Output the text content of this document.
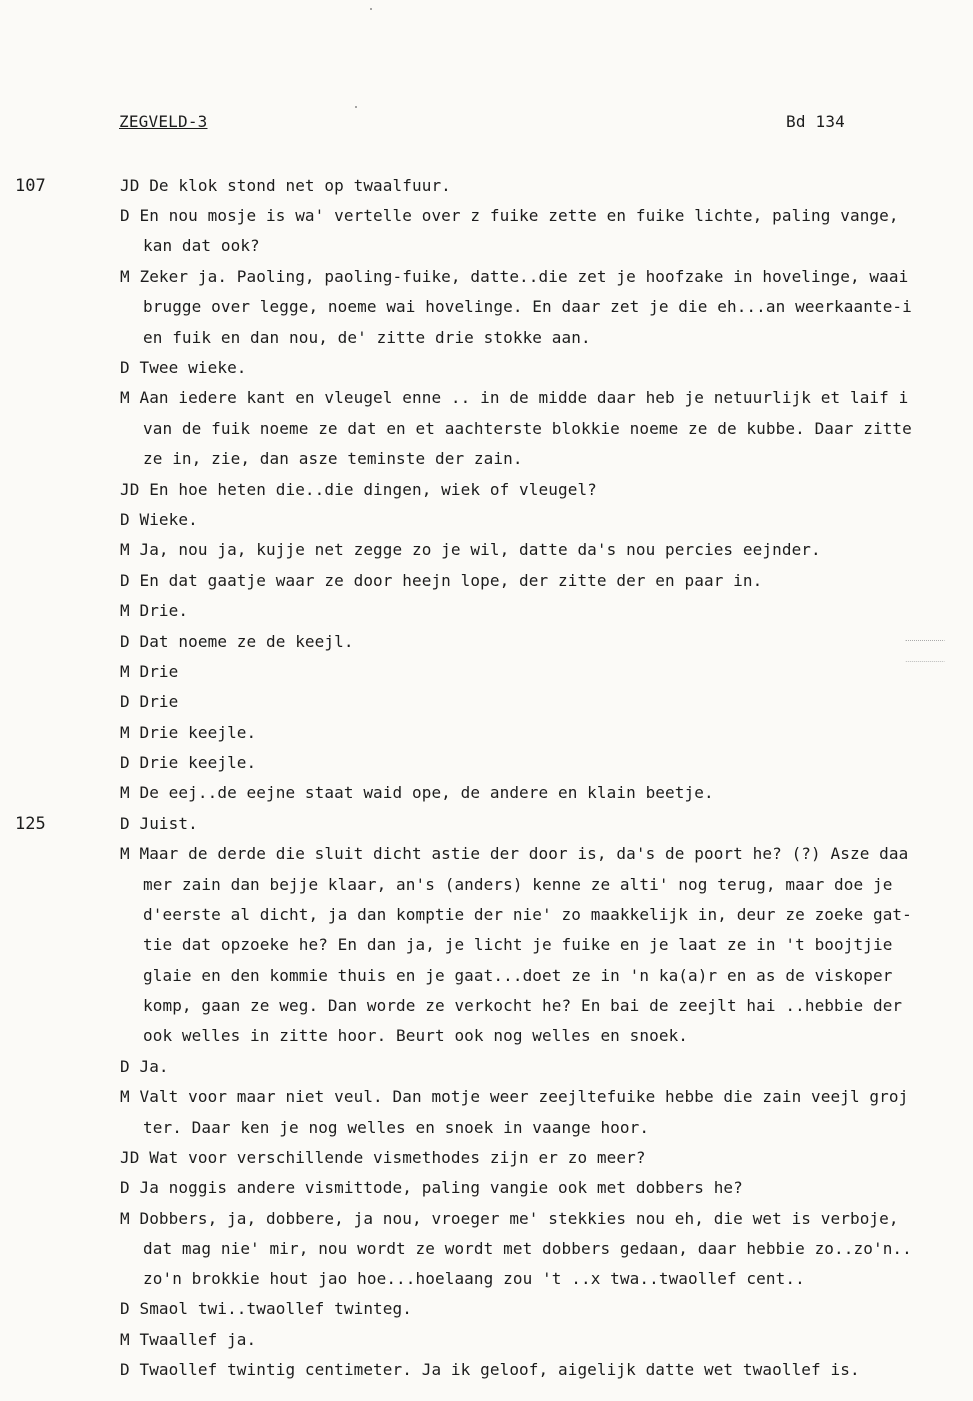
ZEGVELD-3	Bd 134
107
125
JD De klok stond net op twaalfuur.
D En nou mosje is wa' vertelle over z fuike zette en fuike lichte, paling vange,
kan dat ook?
M Zeker ja. Paoling, paoling-fuike, datte..die zet je hoofzake in hovelinge, waai
brugge over legge, noeme wai hovelinge. En daar zet je die eh...an weerkaante-i
en fuik en dan nou, de' zitte drie stokke aan.
D Twee wieke.
M Aan iedere kant en vleugel enne .. in de midde daar heb je netuurlijk et laif i
van de fuik noeme ze dat en et aachterste blokkie noeme ze de kubbe. Daar zitte
ze in, zie, dan asze teminste der zain.
JD En hoe heten die..die dingen, wiek of vleugel?
D Wieke.
M Ja, nou ja, kujje net zegge zo je wil, datte da's nou percies eejnder.
D En dat gaatje waar ze door heejn lope, der zitte der en paar in.
M Drie.
D Dat noeme ze de keejl.
M Drie
D Drie
M Drie keejle.
D Drie keejle.
M De eej..de eejne staat waid ope, de andere en klain beetje.
D Juist.
M Maar de derde die sluit dicht astie der door is, da's de poort he? (?) Asze daa
mer zain dan bejje klaar, an's (anders) kenne ze alti' nog terug, maar doe je
d'eerste al dicht, ja dan komptie der nie' zo maakkelijk in, deur ze zoeke gat-
tie dat opzoeke he? En dan ja, je licht je fuike en je laat ze in 't boojtjie
glaie en den kommie thuis en je gaat...doet ze in 'n ka(a)r en as de viskoper
komp, gaan ze weg. Dan worde ze verkocht he? En bai de zeejlt hai ..hebbie der
ook welles in zitte hoor. Beurt ook nog welles en snoek.
D Ja.
M Valt voor maar niet veul. Dan motje weer zeejltefuike hebbe die zain veejl groj
ter. Daar ken je nog welles en snoek in vaange hoor.
JD Wat voor verschillende vismethodes zijn er zo meer?
D Ja noggis andere vismittode, paling vangie ook met dobbers he?
M Dobbers, ja, dobbere, ja nou, vroeger me' stekkies nou eh, die wet is verboje,
dat mag nie' mir, nou wordt ze wordt met dobbers gedaan, daar hebbie zo..zo'n..
zo'n brokkie hout jao hoe...hoelaang zou 't ..x twa..twaollef cent..
D Smaol twi..twaollef twinteg.
M Twaallef ja.
D Twaollef twintig centimeter. Ja ik geloof, aigelijk datte wet twaollef is.
